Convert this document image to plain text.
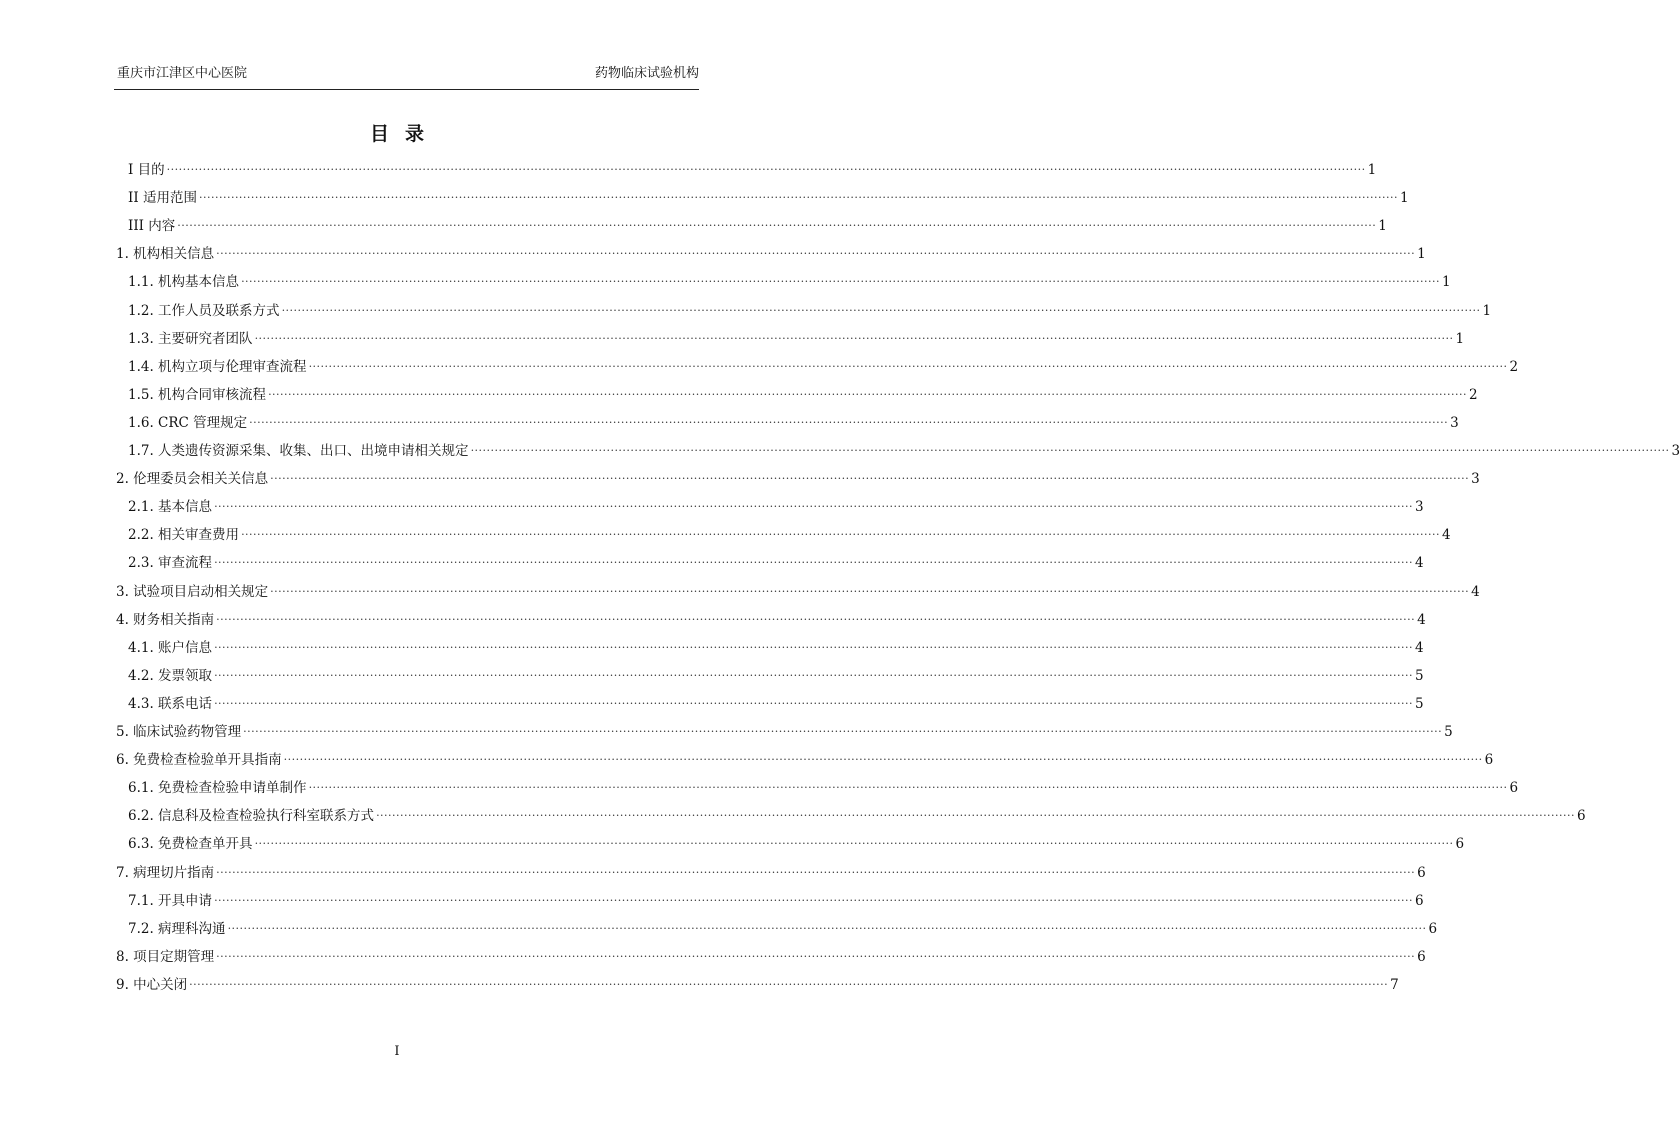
重庆市江津区中心医院	药物临床试验机构
目录
I 目的 ............................................................................................................................................................................................................................................................................................................ 1
II 适用范围 ............................................................................................................................................................................................................................................................................................................ 1
III 内容 ............................................................................................................................................................................................................................................................................................................ 1
1. 机构相关信息 ............................................................................................................................................................................................................................................................................................................ 1
1.1. 机构基本信息 ............................................................................................................................................................................................................................................................................................................ 1
1.2. 工作人员及联系方式 ............................................................................................................................................................................................................................................................................................................ 1
1.3. 主要研究者团队 ............................................................................................................................................................................................................................................................................................................ 1
1.4. 机构立项与伦理审查流程 ............................................................................................................................................................................................................................................................................................................ 2
1.5. 机构合同审核流程 ............................................................................................................................................................................................................................................................................................................ 2
1.6. CRC 管理规定 ............................................................................................................................................................................................................................................................................................................ 3
1.7. 人类遗传资源采集、收集、出口、出境申请相关规定 ............................................................................................................................................................................................................................................................................................................ 3
2. 伦理委员会相关关信息 ............................................................................................................................................................................................................................................................................................................ 3
2.1. 基本信息 ............................................................................................................................................................................................................................................................................................................ 3
2.2. 相关审查费用 ............................................................................................................................................................................................................................................................................................................ 4
2.3. 审查流程 ............................................................................................................................................................................................................................................................................................................ 4
3. 试验项目启动相关规定 ............................................................................................................................................................................................................................................................................................................ 4
4. 财务相关指南 ............................................................................................................................................................................................................................................................................................................ 4
4.1. 账户信息 ............................................................................................................................................................................................................................................................................................................ 4
4.2. 发票领取 ............................................................................................................................................................................................................................................................................................................ 5
4.3. 联系电话 ............................................................................................................................................................................................................................................................................................................ 5
5. 临床试验药物管理 ............................................................................................................................................................................................................................................................................................................ 5
6. 免费检查检验单开具指南 ............................................................................................................................................................................................................................................................................................................ 6
6.1. 免费检查检验申请单制作 ............................................................................................................................................................................................................................................................................................................ 6
6.2. 信息科及检查检验执行科室联系方式 ............................................................................................................................................................................................................................................................................................................ 6
6.3. 免费检查单开具 ............................................................................................................................................................................................................................................................................................................ 6
7. 病理切片指南 ............................................................................................................................................................................................................................................................................................................ 6
7.1. 开具申请 ............................................................................................................................................................................................................................................................................................................ 6
7.2. 病理科沟通 ............................................................................................................................................................................................................................................................................................................ 6
8. 项目定期管理 ............................................................................................................................................................................................................................................................................................................ 6
9. 中心关闭 ............................................................................................................................................................................................................................................................................................................ 7
I
